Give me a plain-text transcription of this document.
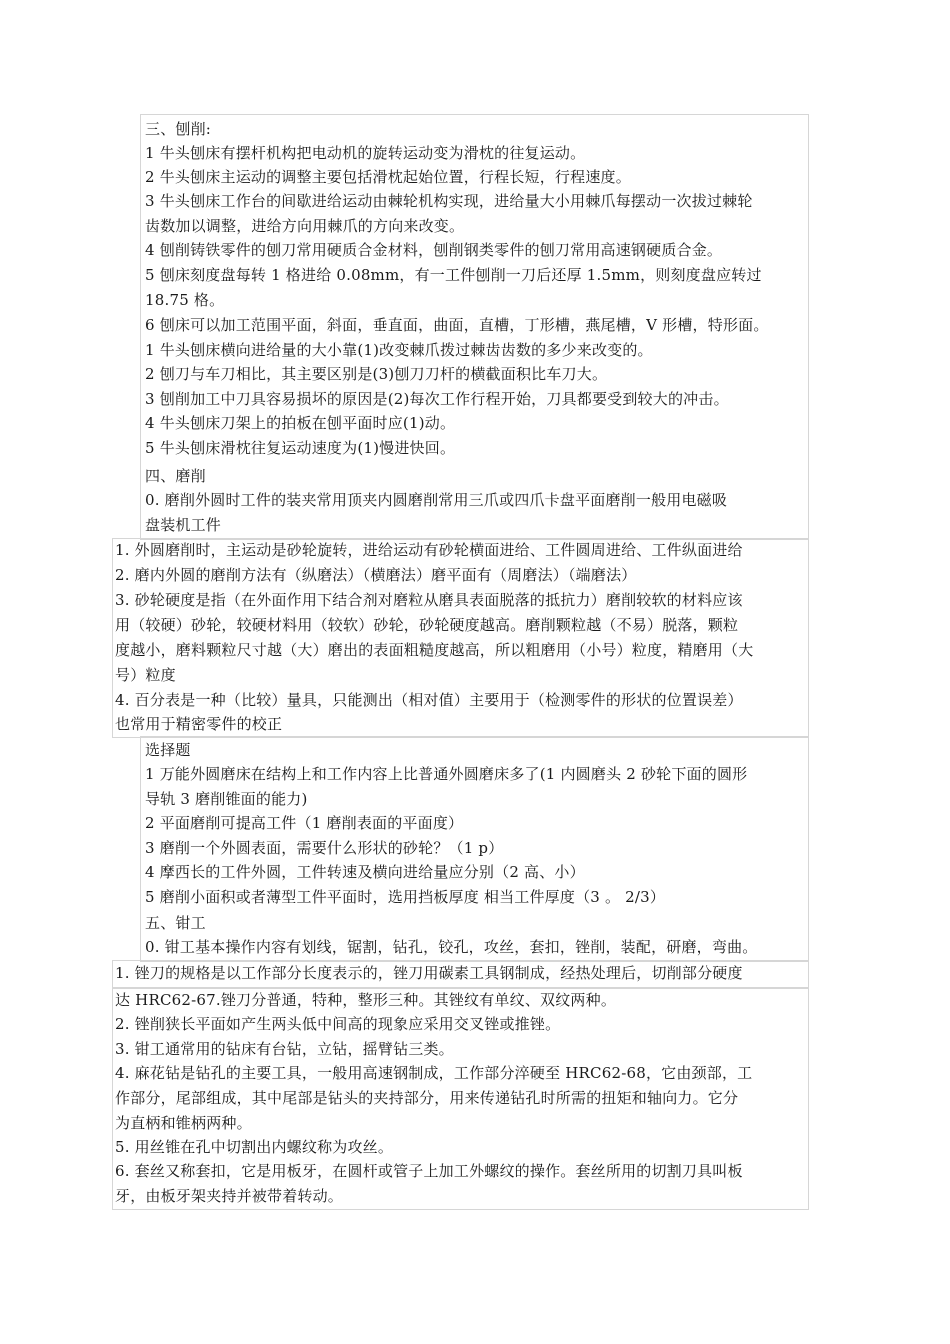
三、刨削:
1 牛头刨床有摆杆机构把电动机的旋转运动变为滑枕的往复运动。
2 牛头刨床主运动的调整主要包括滑枕起始位置，行程长短，行程速度。
3 牛头刨床工作台的间歇进给运动由棘轮机构实现，进给量大小用棘爪每摆动一次拔过棘轮
齿数加以调整，进给方向用棘爪的方向来改变。
4 刨削铸铁零件的刨刀常用硬质合金材料，刨削钢类零件的刨刀常用高速钢硬质合金。
5 刨床刻度盘每转 1 格进给 0.08mm，有一工件刨削一刀后还厚 1.5mm，则刻度盘应转过
18.75 格。
6 刨床可以加工范围平面，斜面，垂直面，曲面，直槽，丁形槽，燕尾槽，V 形槽，特形面。
1 牛头刨床横向进给量的大小靠(1)改变棘爪拨过棘齿齿数的多少来改变的。
2 刨刀与车刀相比，其主要区别是(3)刨刀刀杆的横截面积比车刀大。
3 刨削加工中刀具容易损坏的原因是(2)每次工作行程开始，刀具都要受到较大的冲击。
4 牛头刨床刀架上的拍板在刨平面时应(1)动。
5 牛头刨床滑枕往复运动速度为(1)慢进快回。
四、磨削
0. 磨削外圆时工件的装夹常用顶夹内圆磨削常用三爪或四爪卡盘平面磨削一般用电磁吸
盘装机工件
1. 外圆磨削时，主运动是砂轮旋转，进给运动有砂轮横面进给、工件圆周进给、工件纵面进给
2. 磨内外圆的磨削方法有（纵磨法）（横磨法）磨平面有（周磨法）（端磨法）
3. 砂轮硬度是指（在外面作用下结合剂对磨粒从磨具表面脱落的抵抗力）磨削较软的材料应该
用（较硬）砂轮，较硬材料用（较软）砂轮，砂轮硬度越高。磨削颗粒越（不易）脱落，颗粒
度越小，磨料颗粒尺寸越（大）磨出的表面粗糙度越高，所以粗磨用（小号）粒度，精磨用（大
号）粒度
4. 百分表是一种（比较）量具，只能测出（相对值）主要用于（检测零件的形状的位置误差）
也常用于精密零件的校正
选择题
1 万能外圆磨床在结构上和工作内容上比普通外圆磨床多了(1 内圆磨头 2 砂轮下面的圆形
导轨 3 磨削锥面的能力)
2 平面磨削可提高工件（1 磨削表面的平面度）
3 磨削一个外圆表面，需要什么形状的砂轮？（1 p）
4 摩西长的工件外圆，工件转速及横向进给量应分别（2 高、小）
5 磨削小面积或者薄型工件平面时，选用挡板厚度 相当工件厚度（3 。 2/3）
五、钳工
0. 钳工基本操作内容有划线，锯割，钻孔，铰孔，攻丝，套扣，锉削，装配，研磨，弯曲。
1. 锉刀的规格是以工作部分长度表示的，锉刀用碳素工具钢制成，经热处理后，切削部分硬度
达 HRC62-67.锉刀分普通，特种，整形三种。其锉纹有单纹、双纹两种。
2. 锉削狭长平面如产生两头低中间高的现象应采用交叉锉或推锉。
3. 钳工通常用的钻床有台钻，立钻，摇臂钻三类。
4. 麻花钻是钻孔的主要工具，一般用高速钢制成，工作部分淬硬至 HRC62-68，它由颈部，工
作部分，尾部组成，其中尾部是钻头的夹持部分，用来传递钻孔时所需的扭矩和轴向力。它分
为直柄和锥柄两种。
5. 用丝锥在孔中切割出内螺纹称为攻丝。
6. 套丝又称套扣，它是用板牙，在圆杆或管子上加工外螺纹的操作。套丝所用的切割刀具叫板
牙，由板牙架夹持并被带着转动。
